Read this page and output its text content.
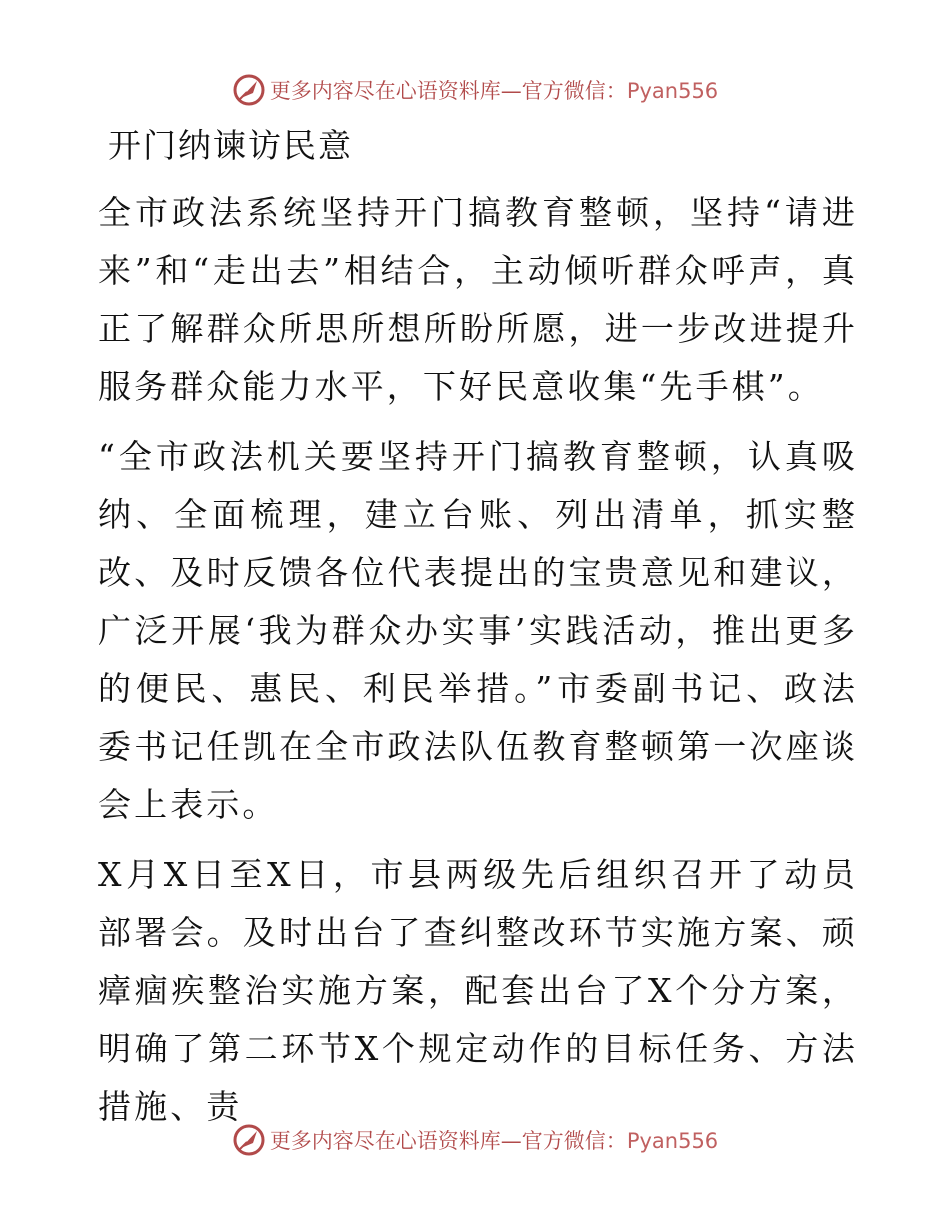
更多内容尽在心语资料库—官方微信：Pyan556
开门纳谏访民意

全市政法系统坚持开门搞教育整顿，坚持“请进来”和“走出去”相结合，主动倾听群众呼声，真正了解群众所思所想所盼所愿，进一步改进提升服务群众能力水平，下好民意收集“先手棋”。

“全市政法机关要坚持开门搞教育整顿，认真吸纳、全面梳理，建立台账、列出清单，抓实整改、及时反馈各位代表提出的宝贵意见和建议，广泛开展‘我为群众办实事’实践活动，推出更多的便民、惠民、利民举措。”市委副书记、政法委书记任凯在全市政法队伍教育整顿第一次座谈会上表示。

X月X日至X日，市县两级先后组织召开了动员部署会。及时出台了查纠整改环节实施方案、顽瘴痼疾整治实施方案，配套出台了X个分方案，明确了第二环节X个规定动作的目标任务、方法措施、责

更多内容尽在心语资料库—官方微信：Pyan556
